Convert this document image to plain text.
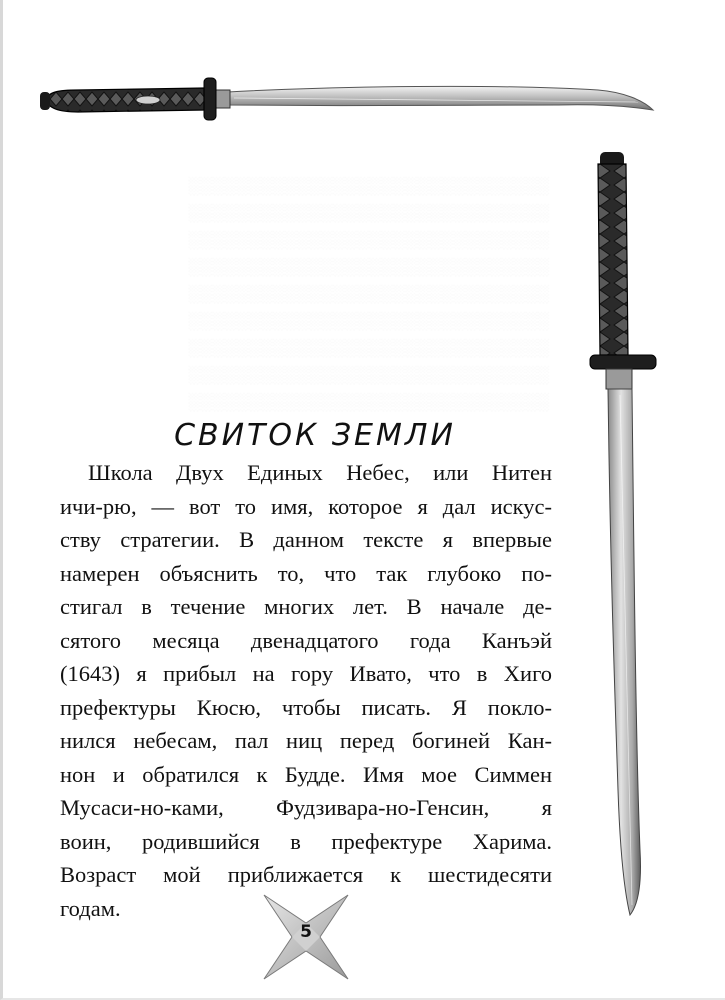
░░░░░░░░░░░░░░░░░░░░░░░░░░░░░░
░░░░░░░░░░░░░░░░░░░░░░░░░░░░░░
░░░░░░░░░░░░░░░░░░░░░░░░░░░░░░
░░░░░░░░░░░░░░░░░░░░░░░░░░░░░░
░░░░░░░░░░░░░░░░░░░░░░░░░░░░░░
░░░░░░░░░░░░░░░░░░░░░░░░░░░░░░
░░░░░░░░░░░░░░░░░░░░░░░░░░░░░░
░░░░░░░░░░░░░░░░░░░░░░░░░░░░░░
░░░░░░░░░░░░░░░░░░░░░░░░░░░░░░
СВИТОК ЗЕМЛИ
Школа Двух Единых Небес, или Нитен
ичи-рю, — вот то имя, которое я дал искус-
ству стратегии. В данном тексте я впервые
намерен объяснить то, что так глубоко по-
стигал в течение многих лет. В начале де-
сятого месяца двенадцатого года Канъэй
(1643) я прибыл на гору Ивато, что в Хиго
префектуры Кюсю, чтобы писать. Я покло-
нился небесам, пал ниц перед богиней Кан-
нон и обратился к Будде. Имя мое Симмен
Мусаси-но-ками, Фудзивара-но-Генсин, я
воин, родившийся в префектуре Харима.
Возраст мой приближается к шестидесяти
годам.
5
